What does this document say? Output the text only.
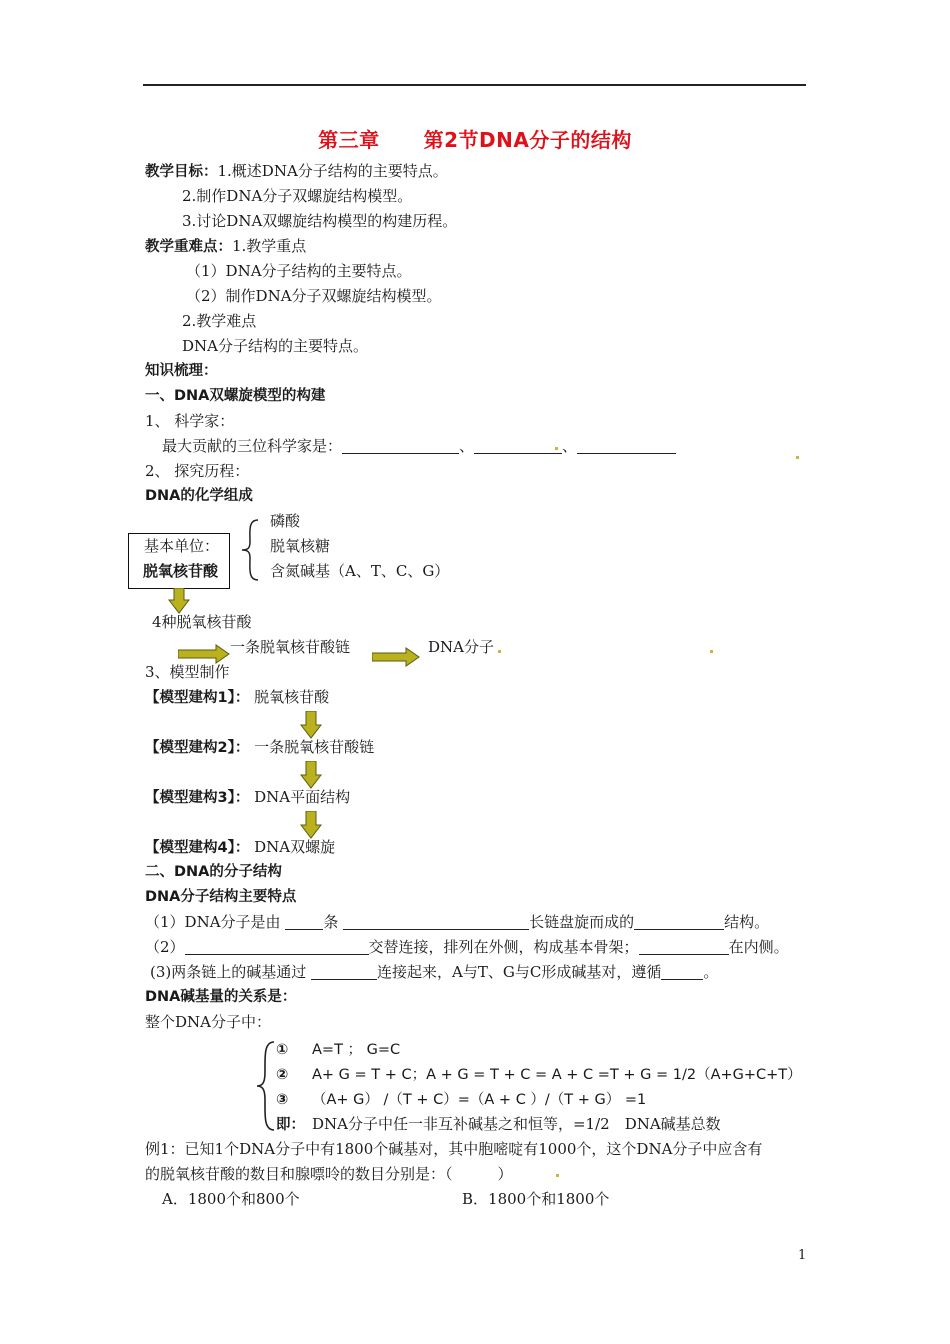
第三章 第2节DNA分子的结构
教学目标：1.概述DNA分子结构的主要特点。
2.制作DNA分子双螺旋结构模型。
3.讨论DNA双螺旋结构模型的构建历程。
教学重难点：1.教学重点
（1）DNA分子结构的主要特点。
（2）制作DNA分子双螺旋结构模型。
2.教学难点
DNA分子结构的主要特点。
知识梳理：
一、DNA双螺旋模型的构建
1、 科学家：
最大贡献的三位科学家是：	、	、
2、 探究历程：
DNA的化学组成
磷酸
脱氧核糖
含氮碱基（A、T、C、G）
基本单位：
脱氧核苷酸
4种脱氧核苷酸
一条脱氧核苷酸链	DNA分子
3、模型制作
【模型建构1】： 脱氧核苷酸
【模型建构2】： 一条脱氧核苷酸链
【模型建构3】： DNA平面结构
【模型建构4】： DNA双螺旋
二、DNA的分子结构
DNA分子结构主要特点
（1）DNA分子是由	条	长链盘旋而成的	结构。
（2）	交替连接，排列在外侧，构成基本骨架；	在内侧。
(3)两条链上的碱基通过	连接起来，A与T、G与C形成碱基对，遵循	。
DNA碱基量的关系是：
整个DNA分子中：
① A=T ； G=C
② A+ G = T + C；A + G = T + C = A + C =T + G = 1/2（A+G+C+T）
③ （A+ G） /（T + C）=（A + C ）/（T + G） =1
即： DNA分子中任一非互补碱基之和恒等，=1/2　DNA碱基总数
例1：已知1个DNA分子中有1800个碱基对，其中胞嘧啶有1000个，这个DNA分子中应含有
的脱氧核苷酸的数目和腺嘌呤的数目分别是：（　　　）
A．1800个和800个	B．1800个和1800个
1
